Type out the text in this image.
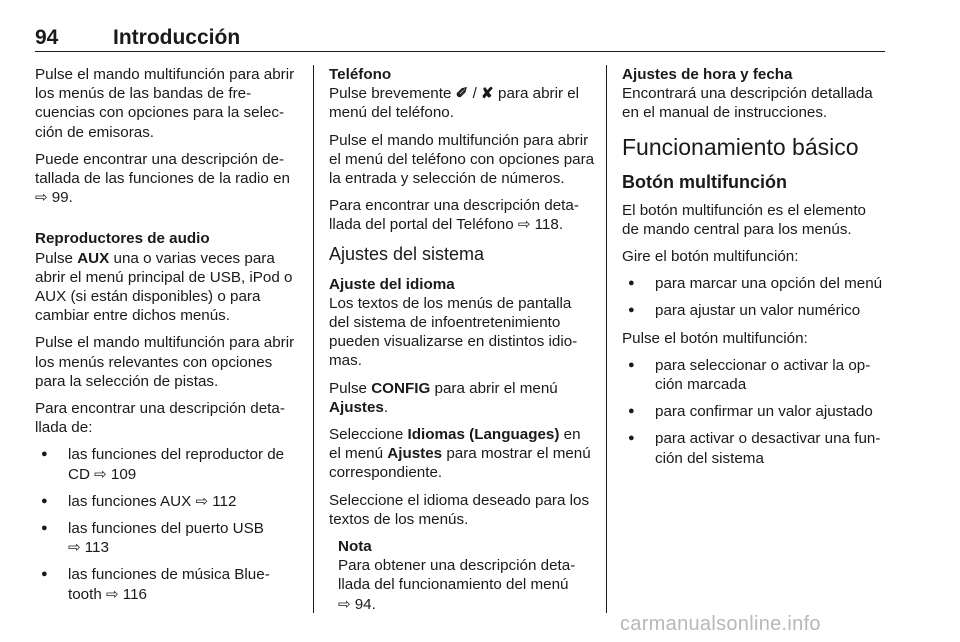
94	Introducción

Pulse el mando multifunción para abrir los menús de las bandas de frecuencias con opciones para la selección de emisoras.

Puede encontrar una descripción detallada de las funciones de la radio en
⇨ 99.

Reproductores de audio

Pulse AUX una o varias veces para abrir el menú principal de USB, iPod o AUX (si están disponibles) o para cambiar entre dichos menús.

Pulse el mando multifunción para abrir los menús relevantes con opciones para la selección de pistas.

Para encontrar una descripción detallada de:

● las funciones del reproductor de CD ⇨ 109
● las funciones AUX ⇨ 112
● las funciones del puerto USB
⇨ 113
● las funciones de música Bluetooth ⇨ 116

Teléfono

Pulse brevemente ✐ / ✘ para abrir el menú del teléfono.

Pulse el mando multifunción para abrir el menú del teléfono con opciones para la entrada y selección de números.

Para encontrar una descripción detallada del portal del Teléfono ⇨ 118.

Ajustes del sistema

Ajuste del idioma

Los textos de los menús de pantalla del sistema de infoentretenimiento pueden visualizarse en distintos idiomas.

Pulse CONFIG para abrir el menú Ajustes.

Seleccione Idiomas (Languages) en el menú Ajustes para mostrar el menú correspondiente.

Seleccione el idioma deseado para los textos de los menús.

Nota
Para obtener una descripción detallada del funcionamiento del menú
⇨ 94.

Ajustes de hora y fecha

Encontrará una descripción detallada en el manual de instrucciones.

Funcionamiento básico
Botón multifunción

El botón multifunción es el elemento de mando central para los menús.

Gire el botón multifunción:

● para marcar una opción del menú
● para ajustar un valor numérico

Pulse el botón multifunción:

● para seleccionar o activar la opción marcada
● para confirmar un valor ajustado
● para activar o desactivar una función del sistema
carmanualsonline.info
